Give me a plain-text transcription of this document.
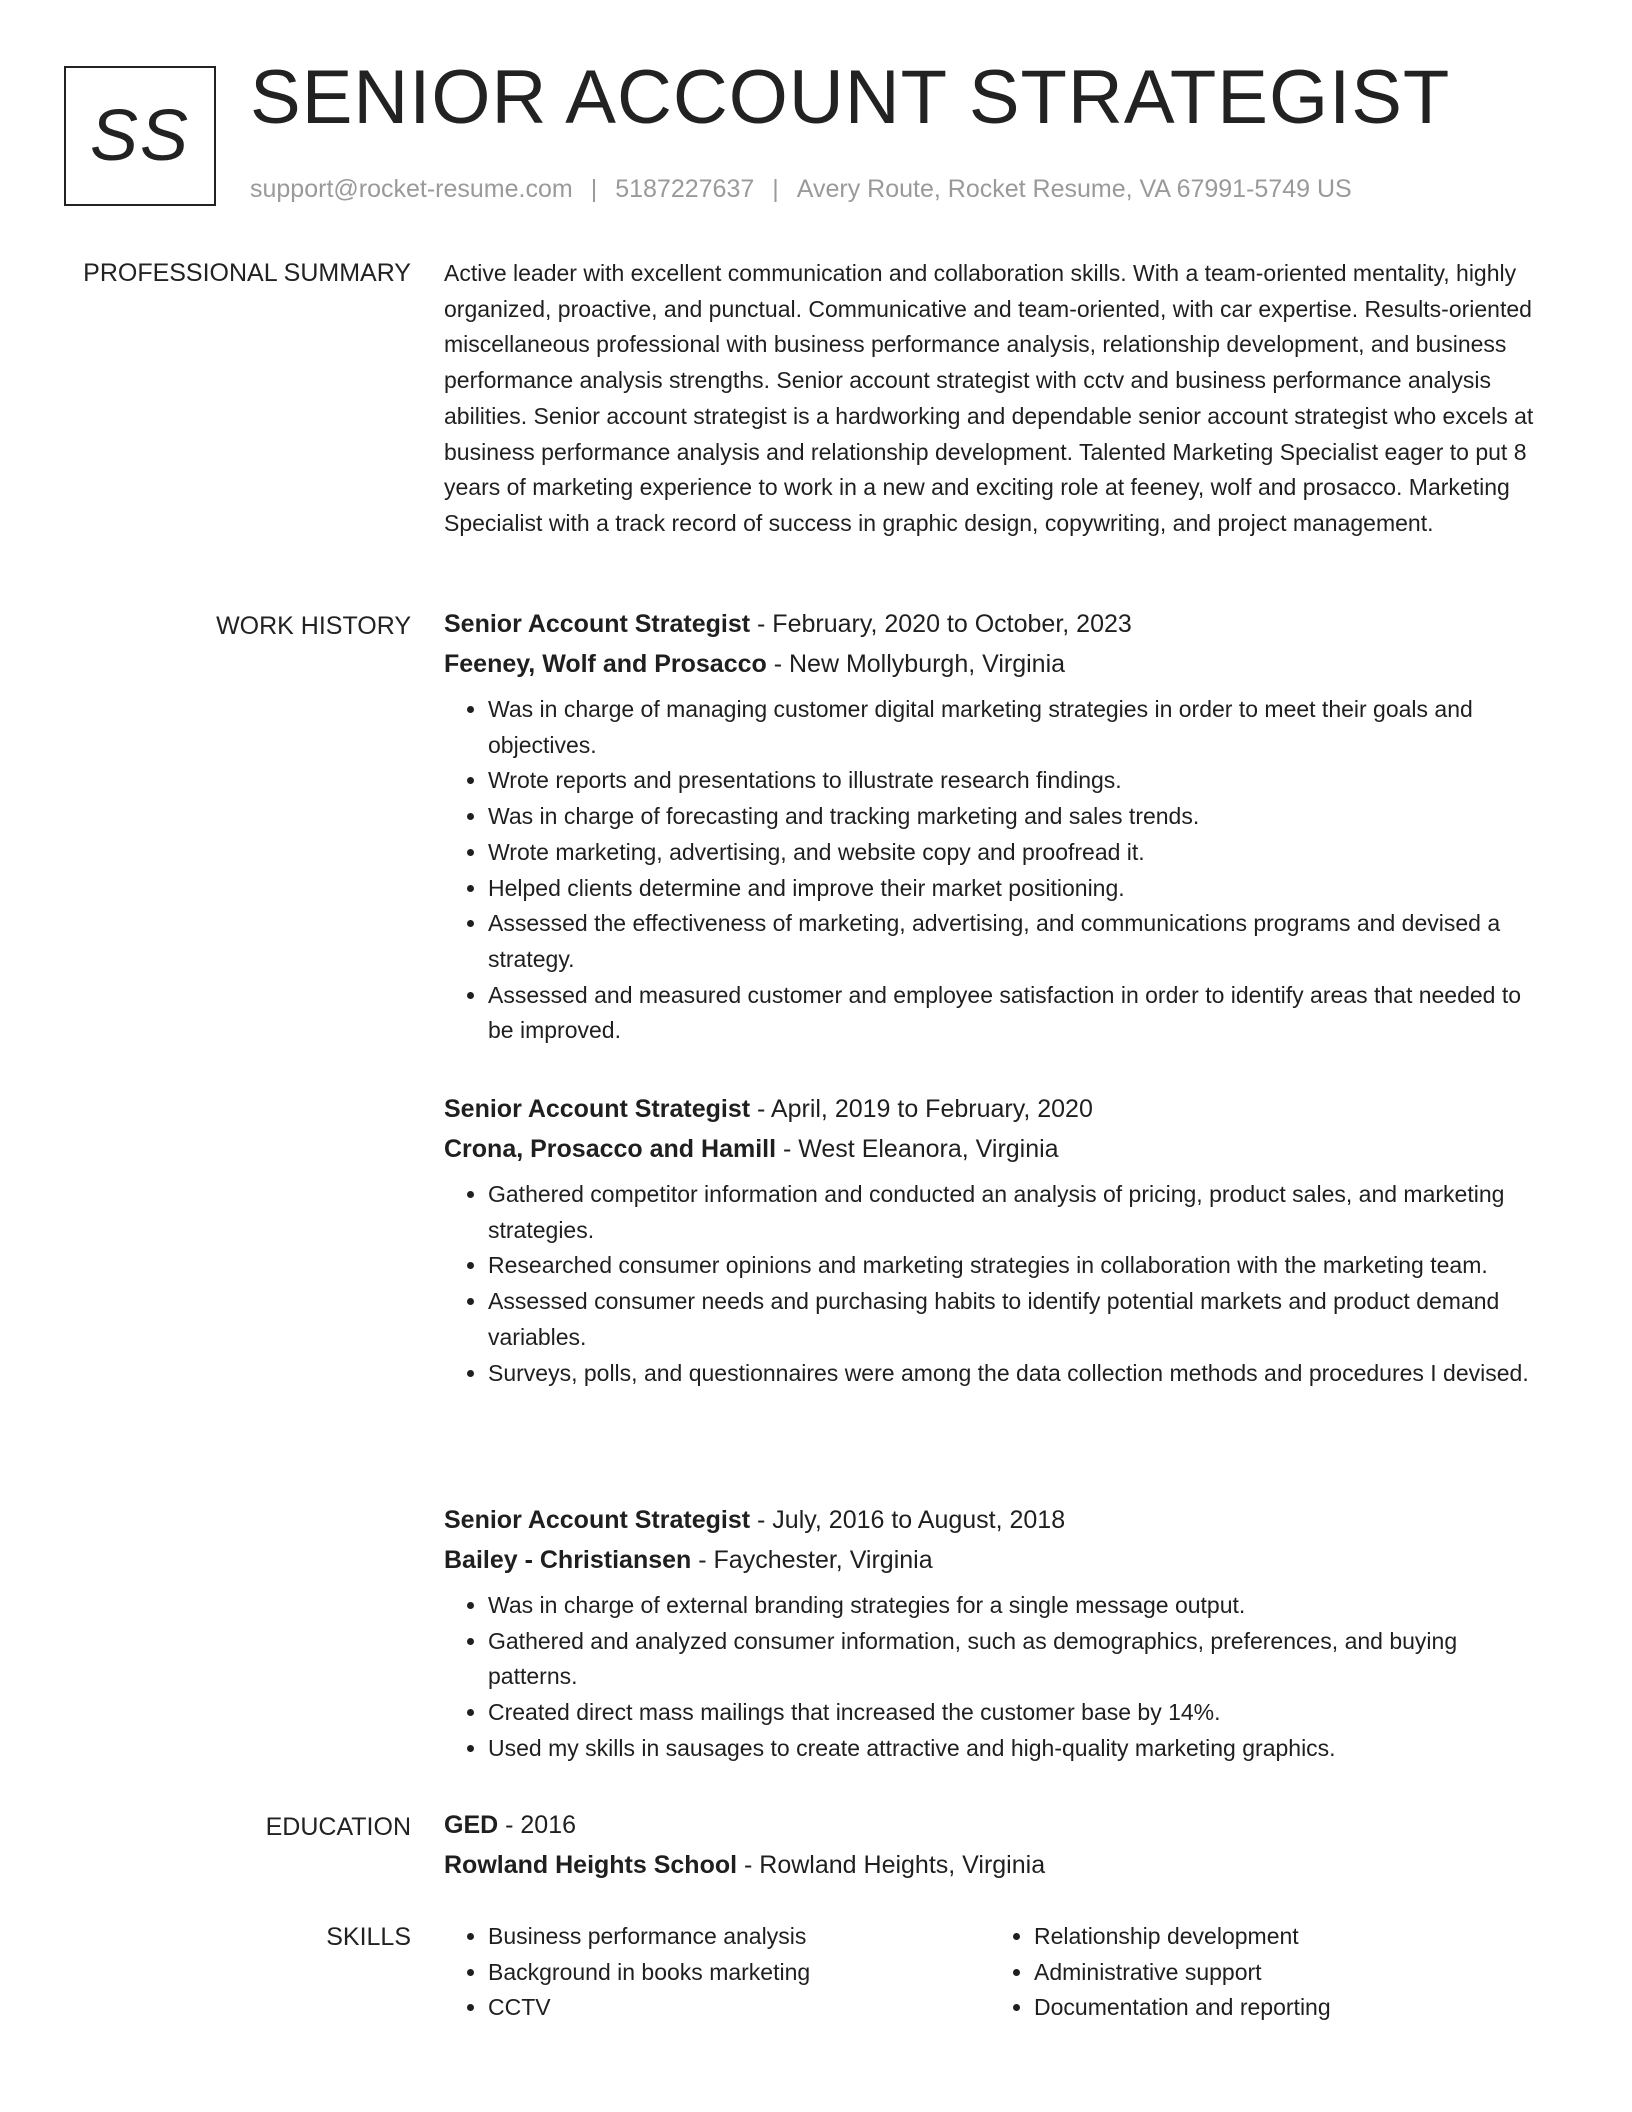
SS SENIOR ACCOUNT STRATEGIST
support@rocket-resume.com | 5187227637 | Avery Route, Rocket Resume, VA 67991-5749 US
PROFESSIONAL SUMMARY Active leader with excellent communication and collaboration skills. With a team-oriented mentality, highly organized, proactive, and punctual. Communicative and team-oriented, with car expertise. Results-oriented miscellaneous professional with business performance analysis, relationship development, and business performance analysis strengths. Senior account strategist with cctv and business performance analysis abilities. Senior account strategist is a hardworking and dependable senior account strategist who excels at business performance analysis and relationship development. Talented Marketing Specialist eager to put 8 years of marketing experience to work in a new and exciting role at feeney, wolf and prosacco. Marketing Specialist with a track record of success in graphic design, copywriting, and project management.

WORK HISTORY Senior Account Strategist - February, 2020 to October, 2023
Feeney, Wolf and Prosacco - New Mollyburgh, Virginia
• Was in charge of managing customer digital marketing strategies in order to meet their goals and objectives.
• Wrote reports and presentations to illustrate research findings.
• Was in charge of forecasting and tracking marketing and sales trends.
• Wrote marketing, advertising, and website copy and proofread it.
• Helped clients determine and improve their market positioning.
• Assessed the effectiveness of marketing, advertising, and communications programs and devised a strategy.
• Assessed and measured customer and employee satisfaction in order to identify areas that needed to be improved.
Senior Account Strategist - April, 2019 to February, 2020
Crona, Prosacco and Hamill - West Eleanora, Virginia
• Gathered competitor information and conducted an analysis of pricing, product sales, and marketing strategies.
• Researched consumer opinions and marketing strategies in collaboration with the marketing team.
• Assessed consumer needs and purchasing habits to identify potential markets and product demand variables.
• Surveys, polls, and questionnaires were among the data collection methods and procedures I devised.
Senior Account Strategist - July, 2016 to August, 2018
Bailey - Christiansen - Faychester, Virginia
• Was in charge of external branding strategies for a single message output.
• Gathered and analyzed consumer information, such as demographics, preferences, and buying patterns.
• Created direct mass mailings that increased the customer base by 14%.
• Used my skills in sausages to create attractive and high-quality marketing graphics.
EDUCATION GED - 2016
Rowland Heights School - Rowland Heights, Virginia
SKILLS
•	Business performance analysis
• Background in books marketing
• CCTV
• Relationship development
• Administrative support
• Documentation and reporting
